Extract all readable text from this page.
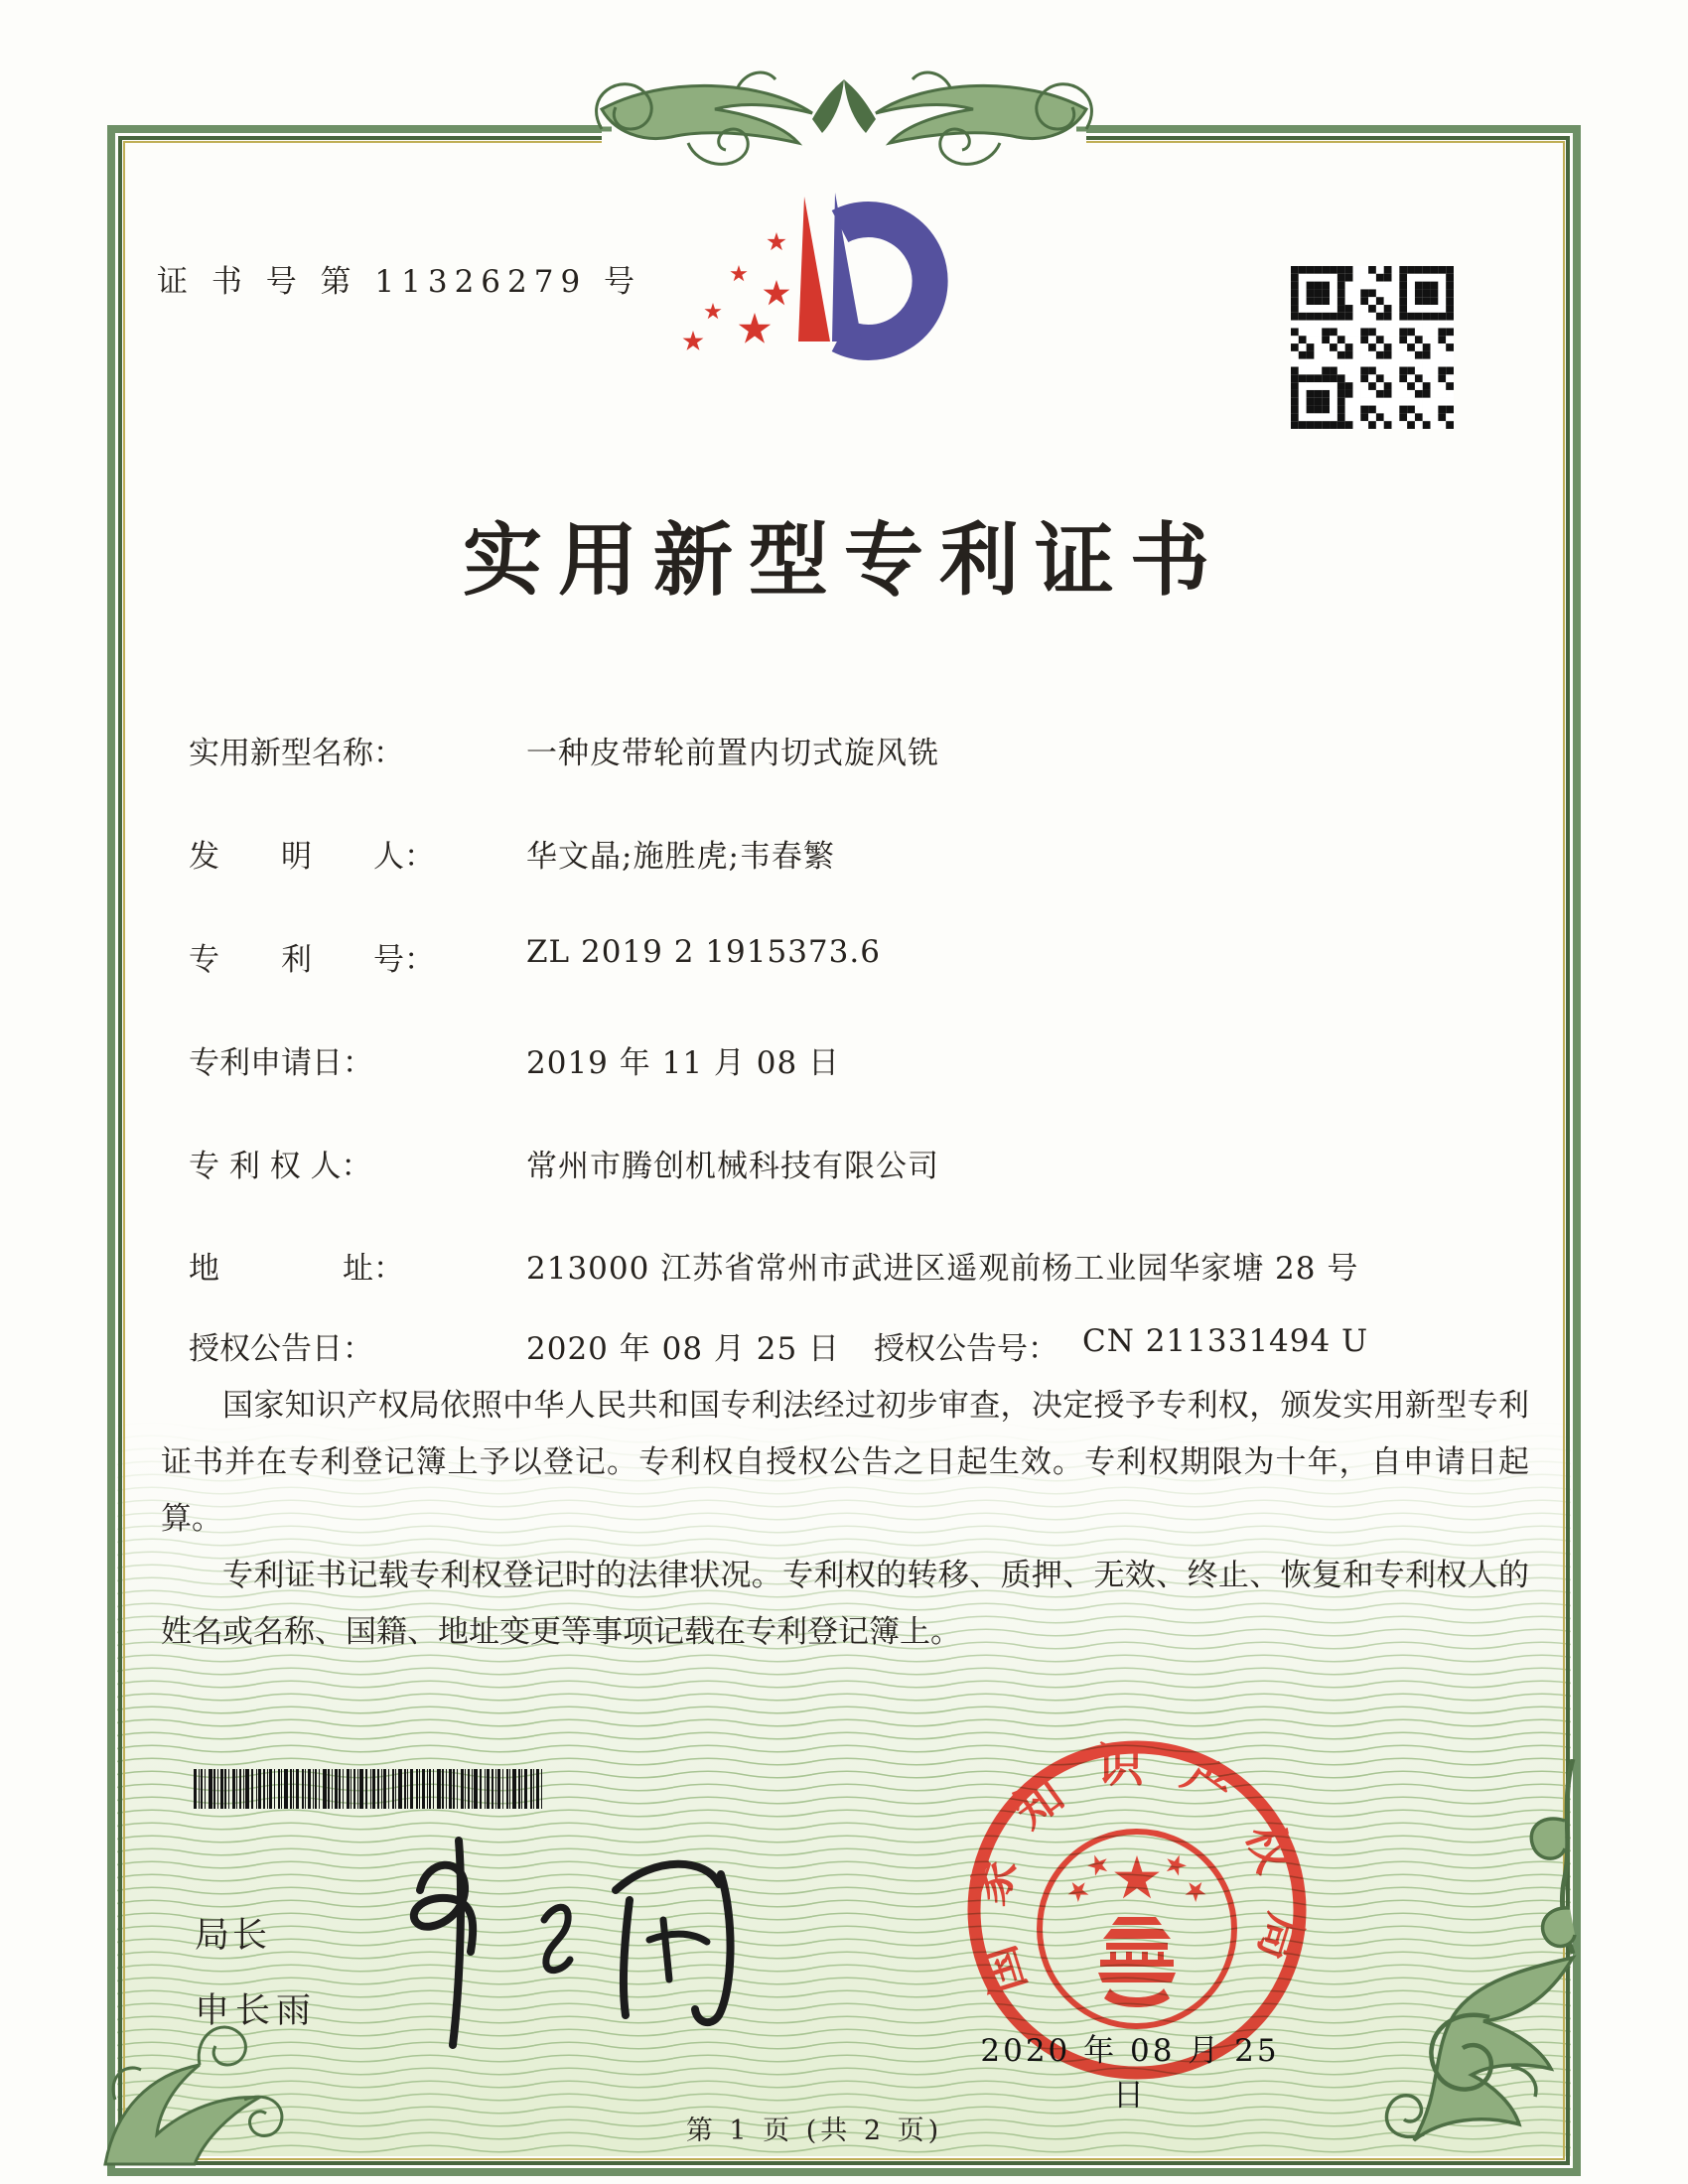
证 书 号 第 11326279 号
实用新型专利证书
实用新型名称：	一种皮带轮前置内切式旋风铣
发　　明　　人：	华文晶;施胜虎;韦春繁
专　　利　　号：	ZL 2019 2 1915373.6
专利申请日：	2019 年 11 月 08 日
专 利 权 人：	常州市腾创机械科技有限公司
地　　　　址：	213000 江苏省常州市武进区遥观前杨工业园华家塘 28 号
授权公告日：	2020 年 08 月 25 日 授权公告号： CN 211331494 U

国家知识产权局依照中华人民共和国专利法经过初步审查，决定授予专利权，颁发实用新型专利证书并在专利登记簿上予以登记。专利权自授权公告之日起生效。专利权期限为十年，自申请日起算。

专利证书记载专利权登记时的法律状况。专利权的转移、质押、无效、终止、恢复和专利权人的姓名或名称、国籍、地址变更等事项记载在专利登记簿上。

局长
申长雨
国家知识产权局
2020 年 08 月 25 日
第 1 页 (共 2 页)
